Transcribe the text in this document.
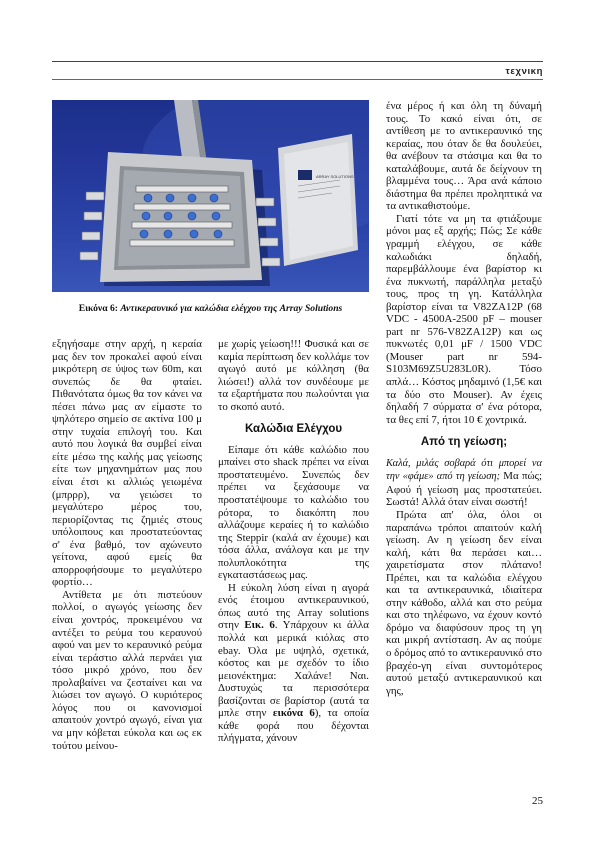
τεχνικη
ARRAY SOLUTIONS
Εικόνα 6: Αντικεραυνικό για καλώδια ελέγχου της Array Solutions

εξηγήσαμε στην αρχή, η κεραία μας δεν τον προκαλεί αφού είναι μικρότερη σε ύψος των 60m, και συνεπώς δε θα φταίει. Πιθανότατα όμως θα τον κάνει να πέσει πάνω μας αν είμαστε το ψηλότερο σημείο σε ακτίνα 100 μ στην τυχαία επιλογή του. Και αυτό που λογικά θα συμβεί είναι είτε μέσω της καλής μας γείωσης είτε των μηχανημάτων μας που είναι έτσι κι αλλιώς γειωμένα (μπρρρ), να γειώσει το μεγαλύτερο μέρος του, περιορίζοντας τις ζημιές στους υπόλοιπους και προστατεύοντας σ' ένα βαθμό, τον αχώνευτο γείτονα, αφού εμείς θα απορροφήσουμε το μεγαλύτερο φορτίο…

Αντίθετα με ότι πιστεύουν πολλοί, ο αγωγός γείωσης δεν είναι χοντρός, προκειμένου να αντέξει το ρεύμα του κεραυνού αφού ναι μεν το κεραυνικό ρεύμα είναι τεράστιο αλλά περνάει για τόσο μικρό χρόνο, που δεν προλαβαίνει να ζεσταίνει και να λιώσει τον αγωγό. Ο κυριότερος λόγος που οι κανονισμοί απαιτούν χοντρό αγωγό, είναι για να μην κόβεται εύκολα και ως εκ τούτου μείνου-

με χωρίς γείωση!!! Φυσικά και σε καμία περίπτωση δεν κολλάμε τον αγωγό αυτό με κόλληση (θα λιώσει!) αλλά τον συνδέουμε με τα εξαρτήματα που πωλούνται για το σκοπό αυτό.

Καλώδια Ελέγχου

Είπαμε ότι κάθε καλώδιο που μπαίνει στο shack πρέπει να είναι προστατευμένο. Συνεπώς δεν πρέπει να ξεχάσουμε να προστατέψουμε το καλώδιο του ρότορα, το διακόπτη που αλλάζουμε κεραίες ή το καλώδιο της Steppir (καλά αν έχουμε) και τόσα άλλα, ανάλογα και με την πολυπλοκότητα της εγκαταστάσεως μας.

Η εύκολη λύση είναι η αγορά ενός έτοιμου αντικεραυνικού, όπως αυτό της Array solutions στην Εικ. 6. Υπάρχουν κι άλλα πολλά και μερικά κιόλας στο ebay. Όλα με υψηλό, σχετικά, κόστος και με σχεδόν το ίδιο μειονέκτημα: Χαλάνε! Ναι. Δυστυχώς τα περισσότερα βασίζονται σε βαρίστορ (αυτά τα μπλε στην εικόνα 6), τα οποία κάθε φορά που δέχονται πλήγματα, χάνουν

ένα μέρος ή και όλη τη δύναμή τους. Το κακό είναι ότι, σε αντίθεση με το αντικεραυνικό της κεραίας, που όταν δε θα δουλεύει, θα ανέβουν τα στάσιμα και θα το καταλάβουμε, αυτά δε δείχνουν τη βλαμμένα τους… Άρα ανά κάποιο διάστημα θα πρέπει προληπτικά να τα αντικαθιστούμε.

Γιατί τότε να μη τα φτιάξουμε μόνοι μας εξ αρχής; Πώς; Σε κάθε γραμμή ελέγχου, σε κάθε καλωδιάκι δηλαδή, παρεμβάλλουμε ένα βαρίστορ κι ένα πυκνωτή, παράλληλα μεταξύ τους, προς τη γη. Κατάλληλα βαρίστορ είναι τα V82ZA12P (68 VDC - 4500A-2500 pF – mouser part nr 576-V82ZA12P) και ως πυκνωτές 0,01 μF / 1500 VDC (Mouser part nr 594-S103M69Z5U283L0R). Τόσο απλά… Κόστος μηδαμινό (1,5€ και τα δύο στο Mouser). Αν έχεις δηλαδή 7 σύρματα σ' ένα ρότορα, τα θες επί 7, ήτοι 10 € χοντρικά.

Από τη γείωση;

Καλά, μιλάς σοβαρά ότι μπορεί να την «φάμε» από τη γείωση; Μα πώς; Αφού ή γείωση μας προστατεύει. Σωστά! Αλλά όταν είναι σωστή!

Πρώτα απ' όλα, όλοι οι παραπάνω τρόποι απαιτούν καλή γείωση. Αν η γείωση δεν είναι καλή, κάτι θα περάσει και… χαιρετίσματα στον πλάτανο! Πρέπει, και τα καλώδια ελέγχου και τα αντικεραυνικά, ιδιαίτερα στην κάθοδο, αλλά και στο ρεύμα και στο τηλέφωνο, να έχουν κοντό δρόμο να διαφύσουν προς τη γη και μικρή αντίσταση. Αν ας πούμε ο δρόμος από το αντικεραυνικό στο βραχέο-γη είναι συντομότερος αυτού μεταξύ αντικεραυνικού και γης,

25
